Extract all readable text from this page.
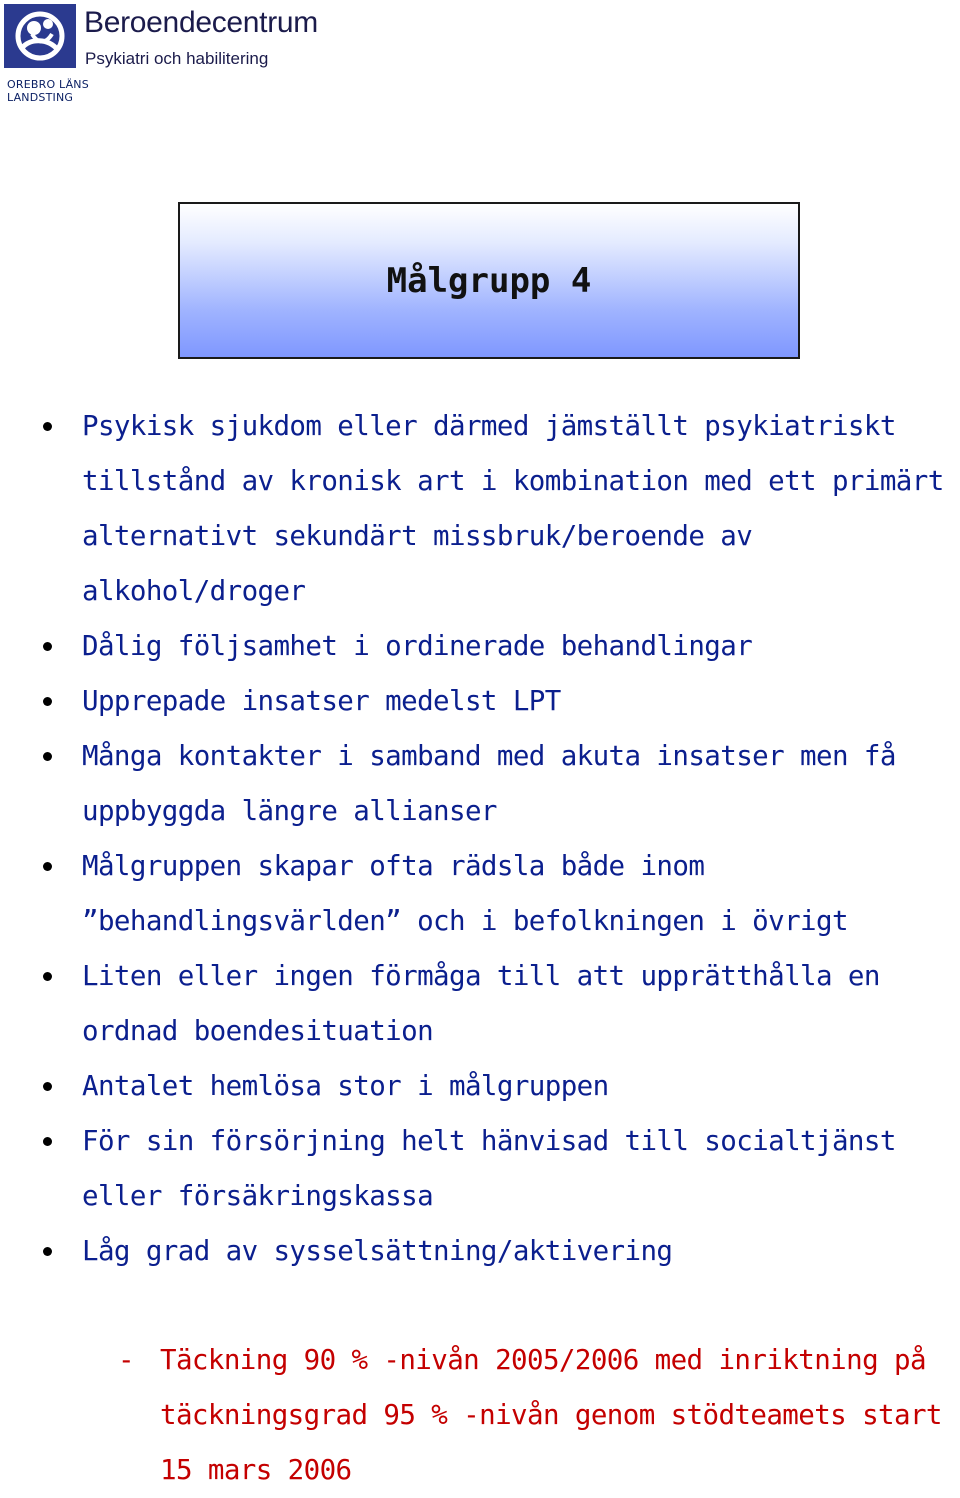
OREBRO LÄNS
LANDSTING
Beroendecentrum
Psykiatri och habilitering
Målgrupp 4
Psykisk sjukdom eller därmed jämställt psykiatriskt tillstånd av kronisk art i kombination med ett primärt alternativt sekundärt missbruk/beroende av alkohol/droger
Dålig följsamhet i ordinerade behandlingar
Upprepade insatser medelst LPT
Många kontakter i samband med akuta insatser men få uppbyggda längre allianser
Målgruppen skapar ofta rädsla både inom ”behandlingsvärlden” och i befolkningen i övrigt
Liten eller ingen förmåga till att upprätthålla en ordnad boendesituation
Antalet hemlösa stor i målgruppen
För sin försörjning helt hänvisad till socialtjänst eller försäkringskassa
Låg grad av sysselsättning/aktivering
- Täckning 90 % -nivån 2005/2006 med inriktning på täckningsgrad 95 % -nivån genom stödteamets start 15 mars 2006
